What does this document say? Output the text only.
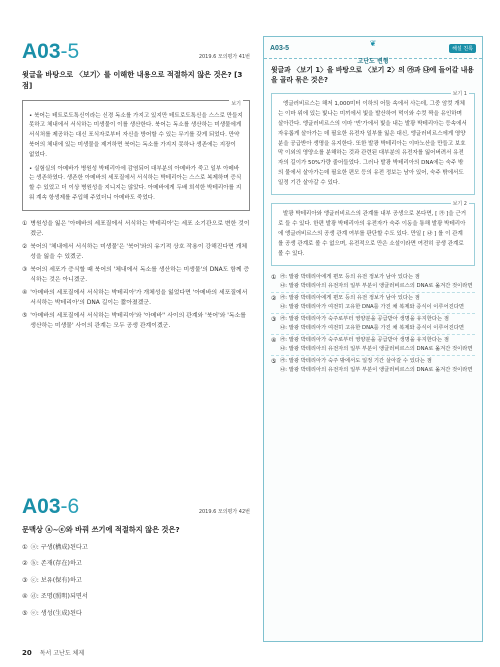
A03-5	2019.6 모의평가 41번
윗글을 바탕으로 〈보기〉를 이해한 내용으로 적절하지 않은 것은? [3점]
보기

• 북어는 테트로도톡신이라는 신경 독소를 가지고 있지만 테트로도톡신을 스스로 만들지 못하고 체내에서 서식하는 미생물이 이를 생산한다. 북어는 독소를 생산하는 미생물에게 서식처를 제공하는 대신 포식자로부터 자신을 방어할 수 있는 무기를 갖게 되었다. 만약 북어의 체내에 있는 미생물을 제거하면 북어는 독소를 가지지 못하나 생존에는 지장이 없었다.

• 실험실의 아메바가 병원성 박테리아에 감염되어 대부분의 아메바가 죽고 일부 아메바는 생존하였다. 생존한 아메바의 세포질에서 서식하는 박테리아는 스스로 복제하며 증식할 수 있었고 더 이상 병원성을 지니지는 않았다. 아메바에게 두배 희석한 박테리아를 지워 계속 항생제를 주입해 주었더니 아메바도 죽었다.

① 병원성을 잃은 '아메바의 세포질에서 서식하는 박테리아'는 세포 소기관으로 변한 것이겠군.
② 북어의 '체내에서 서식하는 미생물'은 '북어'와의 유기적 상호 작용이 강해진다면 개체성을 잃을 수 있겠군.
③ 북어의 세포가 증식할 때 북어의 '체내에서 독소를 생산하는 미생물'의 DNA도 함께 증식하는 것은 아니겠군.
④ '아메바의 세포질에서 서식하는 박테리아'가 개체성을 잃었다면 '아메바의 세포질에서 서식하는 박테리아'의 DNA 길이는 짧아졌겠군.
⑤ '아메바의 세포질에서 서식하는 박테리아'와 '아메바'' 사이의 관계와 '북어'와 '독소를 생산하는 미생물' 사이의 관계는 모두 공생 관계이겠군.
A03-6	2019.6 모의평가 42번
문맥상 ⓐ~ⓔ와 바꿔 쓰기에 적절하지 않은 것은?
① ⓐ: 구생(構成)된다고
② ⓑ: 존재(存在)하고
③ ⓒ: 보유(保有)하고
④ ⓓ: 조명(照明)되면서
⑤ ⓔ: 생성(生成)된다
A03-5
❦
고난도 변형
해설 친록
윗글과 〈보기 1〉을 바탕으로 〈보기 2〉의 ㉮과 ㉯에 들어갈 내용을 골라 묶은 것은?
보기 1

엥글러비르스는 해저 1,000미터 이하의 어둠 속에서 사는데, 그중 암컷 개체는 이마 위에 있는 빛나는 미끼에서 빛을 발산하여 먹이와 수컷 짝을 유인하며 살아간다. 엥글러비르스의 이마 '빈'가에서 빛을 내는 발광 박테리아는 등속에서 자유롭게 살아가는 데 필요한 유전자 일부를 잃은 대신, 엥글러비르스에게 영양분을 공급받아 생명을 유지한다. 또한 발광 박테리아는 이마노산을 만들고 보호막 이외의 영양소를 분해하는 것과 관련된 대부분의 유전자를 잃어버려서 유전자의 길이가 50%가량 줄어들었다. 그러나 발광 박테리아의 DNA에는 숙주 밖의 물에서 살아가는데 필요한 편모 등의 유전 정보는 남아 있어, 숙주 밖에서도 일정 기간 살아갈 수 있다.

보기 2

발광 박테리아와 앵글러비르스의 관계를 내부 공생으로 본다면, [ ㉮ ]을 근거로 들 수 있다. 한편 발광 박테리아의 유전자가 숙주 이동을 통해 발광 박테리아에 앵글러비르스의 공생 관계 여부를 판단할 수도 있다. 만일 [ ㉯ ] 를 이 관계를 공생 관계로 볼 수 없으며, 유전적으로 만은 소설이라면 여전히 공생 관계로 볼 수 있다.

① ㉮: 발광 박테리아에게 편모 등의 유전 정보가 남아 있다는 점
㉯: 발광 박테리아의 유전자의 일부 부분이 앵글러비르스의 DNA로 옮겨간 것이라면
② ㉮: 발광 박테리아에게 편모 등의 유전 정보가 남아 있다는 점
㉯: 발광 박테리아가 여전히 고유한 DNA를 가진 채 복제와 증식이 이루어진다면
③ ㉮: 발광 박테리아가 숙주로부터 영양분을 공급받아 생명을 유지한다는 점
㉯: 발광 박테리아가 여전히 고유한 DNA를 가진 채 복제와 증식이 이루어진다면
④ ㉮: 발광 박테리아가 숙주로부터 영양분을 공급받아 생명을 유지한다는 점
㉯: 발광 박테리아의 유전자의 일부 부분이 앵글러비르스의 DNA로 옮겨간 것이라면
⑤ ㉮: 발광 박테리아가 숙주 밖에서도 일정 기간 살아갈 수 있다는 점
㉯: 발광 박테리아의 유전자의 일부 부분이 앵글러비르스의 DNA로 옮겨간 것이라면
20 독서 고난도 체제
